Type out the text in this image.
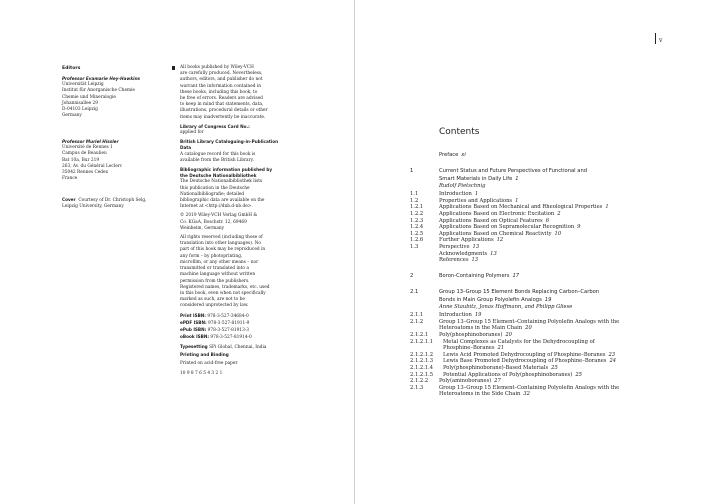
Editors
Professor Evamarie Hey-Hawkins
Universität Leipzig
Institut für Anorganische Chemie
Chemie und Mineralogie
Johannisallee 29
D-04103 Leipzig
Germany
Professor Muriel Hissler
Université de Rennes 1
Campus de Beaulieu
Bat 10a, Bur 219
263, Av. du Général Leclerc
35042 Rennes Cedex
France
Cover Courtesy of Dr. Christoph Selg,
Leipzig University, Germany
All books published by Wiley-VCH
are carefully produced. Nevertheless,
authors, editors, and publisher do not
warrant the information contained in
these books, including this book, to
be free of errors. Readers are advised
to keep in mind that statements, data,
illustrations, procedural details or other
items may inadvertently be inaccurate.
Library of Congress Card No.:
applied for
British Library Cataloguing-in-Publication
Data
A catalogue record for this book is
available from the British Library.
Bibliographic information published by
the Deutsche Nationalbibliothek
The Deutsche Nationalbibliothek lists
this publication in the Deutsche
Nationalbibliografie; detailed
bibliographic data are available on the
Internet at <http://dnb.d-nb.de>.
© 2019 Wiley-VCH Verlag GmbH &
Co. KGaA, Boschstr. 12, 69469
Weinheim, Germany
All rights reserved (including those of
translation into other languages). No
part of this book may be reproduced in
any form – by photoprinting,
microfilm, or any other means – nor
transmitted or translated into a
machine language without written
permission from the publishers.
Registered names, trademarks, etc. used
in this book, even when not specifically
marked as such, are not to be
considered unprotected by law.
Print ISBN: 978-3-527-34684-0
ePDF ISBN: 978-3-527-81911-9
ePub ISBN: 978-3-527-81913-3
oBook ISBN: 978-3-527-81914-0
Typesetting SPi Global, Chennai, India
Printing and Binding
Printed on acid-free paper
10 9 8 7 6 5 4 3 2 1
v
Contents
Preface xi
1	Current Status and Future Perspectives of Functional and
Smart Materials in Daily Life 1
Rudolf Pietschnig
1.1	Introduction 1
1.2	Properties and Applications 1
1.2.1	Applications Based on Mechanical and Rheological Properties 1
1.2.2	Applications Based on Electronic Excitation 2
1.2.3	Applications Based on Optical Features 6
1.2.4	Applications Based on Supramolecular Recognition 9
1.2.5	Applications Based on Chemical Reactivity 10
1.2.6	Further Applications 12
1.3	Perspective 13
Acknowledgments 13
References 13
2	Boron-Containing Polymers 17
2.1	Group 13–Group 15 Element Bonds Replacing Carbon–Carbon
Bonds in Main Group Polyolefin Analogs 19
Anne Staubitz, Jonas Hoffmann, and Philipp Gliese
2.1.1	Introduction 19
2.1.2	Group 13–Group 15 Element–Containing Polyolefin Analogs with the
Heteroatoms in the Main Chain 20
2.1.2.1 Poly(phosphinoboranes) 20
2.1.2.1.1 Metal Complexes as Catalysts for the Dehydrocoupling of
Phosphine–Boranes 21
2.1.2.1.2 Lewis Acid Promoted Dehydrocoupling of Phosphine–Boranes 23
2.1.2.1.3 Lewis Base Promoted Dehydrocoupling of Phosphine–Boranes 24
2.1.2.1.4 Poly(phosphinoborane)-Based Materials 25
2.1.2.1.5 Potential Applications of Poly(phosphinoboranes) 25
2.1.2.2 Poly(aminoboranes) 27
2.1.3	Group 13–Group 15 Element–Containing Polyolefin Analogs with the
Heteroatoms in the Side Chain 32
